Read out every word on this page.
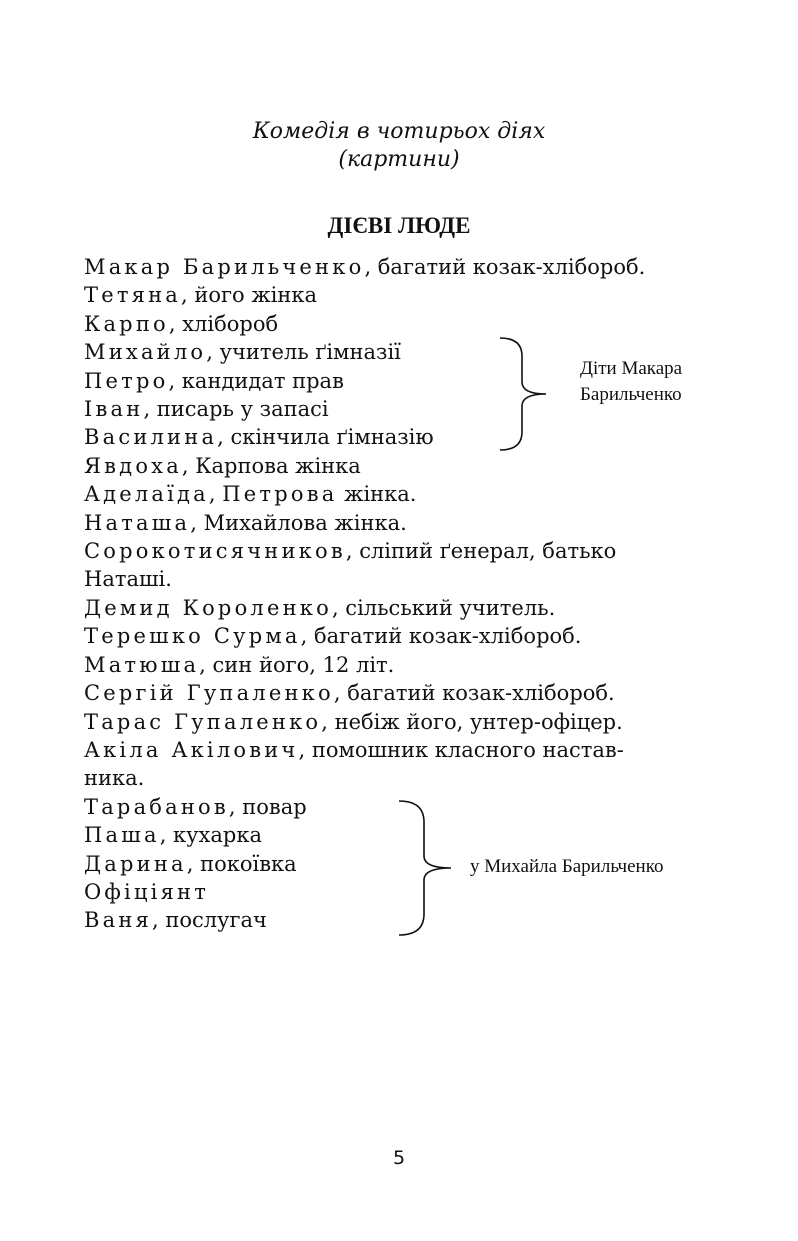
Комедія в чотирьох діях
(картини)
ДІЄВІ ЛЮДЕ
Макар Барильченко, багатий козак-хлібороб.
Тетяна, його жінка
Карпо, хлібороб
Михайло, учитель ґімназії
Петро, кандидат прав
Іван, писарь у запасі
Василина, скінчила ґімназію
Явдоха, Карпова жінка
Аделаїда, Петрова жінка.
Наташа, Михайлова жінка.
Сорокотисячников, сліпий ґенерал, батько Наташі.
Демид Короленко, сільський учитель.
Терешко Сурма, багатий козак-хлібороб.
Матюша, син його, 12 літ.
Сергій Гупаленко, багатий козак-хлібороб.
Тарас Гупаленко, небіж його, унтер-офіцер.
Акіла Акілович, помошник класного настав-ника.
Тарабанов, повар
Паша, кухарка
Дарина, покоївка
Офіціянт
Ваня, послугач
Діти Макара
Барильченко
у Михайла Барильченко
5
